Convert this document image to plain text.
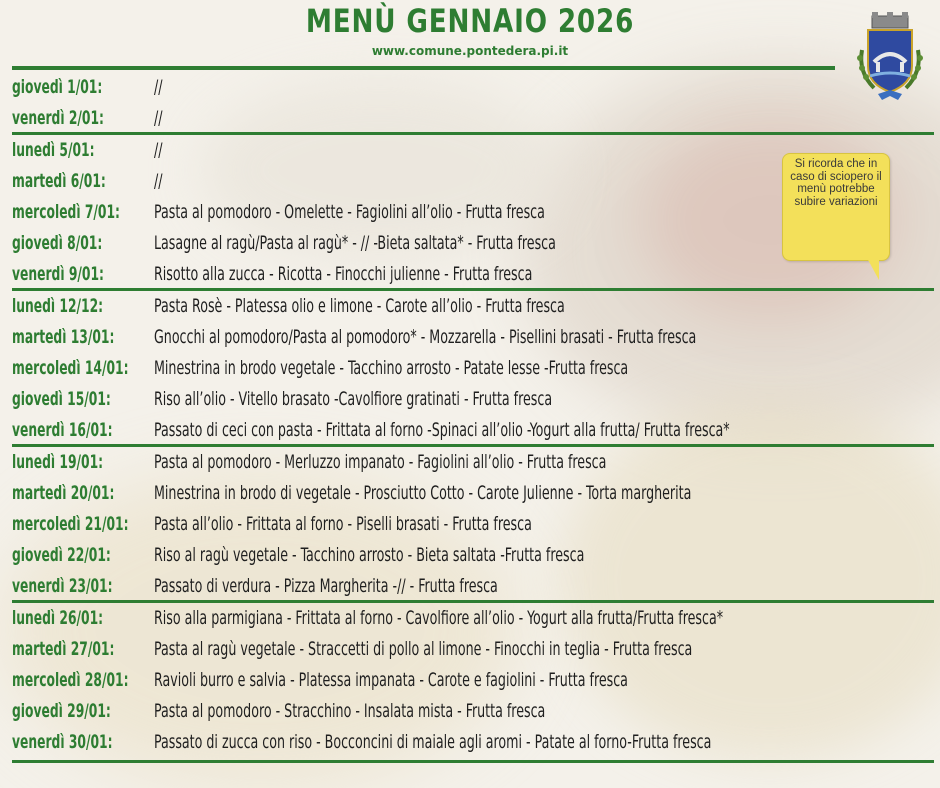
MENÙ GENNAIO 2026
www.comune.pontedera.pi.it
Si ricorda che in caso di sciopero il menù potrebbe subire variazioni
giovedì 1/01:	//
venerdì 2/01:	//
lunedì 5/01:	//
martedì 6/01:	//
mercoledì 7/01: Pasta al pomodoro - Omelette - Fagiolini all’olio - Frutta fresca
giovedì 8/01:	Lasagne al ragù/Pasta al ragù* - // -Bieta saltata* - Frutta fresca
venerdì 9/01:	Risotto alla zucca - Ricotta - Finocchi julienne - Frutta fresca
lunedì 12/12:	Pasta Rosè - Platessa olio e limone - Carote all’olio - Frutta fresca
martedì 13/01: Gnocchi al pomodoro/Pasta al pomodoro* - Mozzarella - Pisellini brasati - Frutta fresca
mercoledì 14/01: Minestrina in brodo vegetale - Tacchino arrosto - Patate lesse -Frutta fresca
giovedì 15/01: Riso all’olio - Vitello brasato -Cavolfiore gratinati - Frutta fresca
venerdì 16/01: Passato di ceci con pasta - Frittata al forno -Spinaci all’olio -Yogurt alla frutta/ Frutta fresca*
lunedì 19/01:	Pasta al pomodoro - Merluzzo impanato - Fagiolini all’olio - Frutta fresca
martedì 20/01: Minestrina in brodo di vegetale - Prosciutto Cotto - Carote Julienne - Torta margherita
mercoledì 21/01: Pasta all’olio - Frittata al forno - Piselli brasati - Frutta fresca
giovedì 22/01: Riso al ragù vegetale - Tacchino arrosto - Bieta saltata -Frutta fresca
venerdì 23/01: Passato di verdura - Pizza Margherita -// - Frutta fresca
lunedì 26/01:	Riso alla parmigiana - Frittata al forno - Cavolfiore all’olio - Yogurt alla frutta/Frutta fresca*
martedì 27/01: Pasta al ragù vegetale - Straccetti di pollo al limone - Finocchi in teglia - Frutta fresca
mercoledì 28/01: Ravioli burro e salvia - Platessa impanata - Carote e fagiolini - Frutta fresca
giovedì 29/01: Pasta al pomodoro - Stracchino - Insalata mista - Frutta fresca
venerdì 30/01: Passato di zucca con riso - Bocconcini di maiale agli aromi - Patate al forno-Frutta fresca
